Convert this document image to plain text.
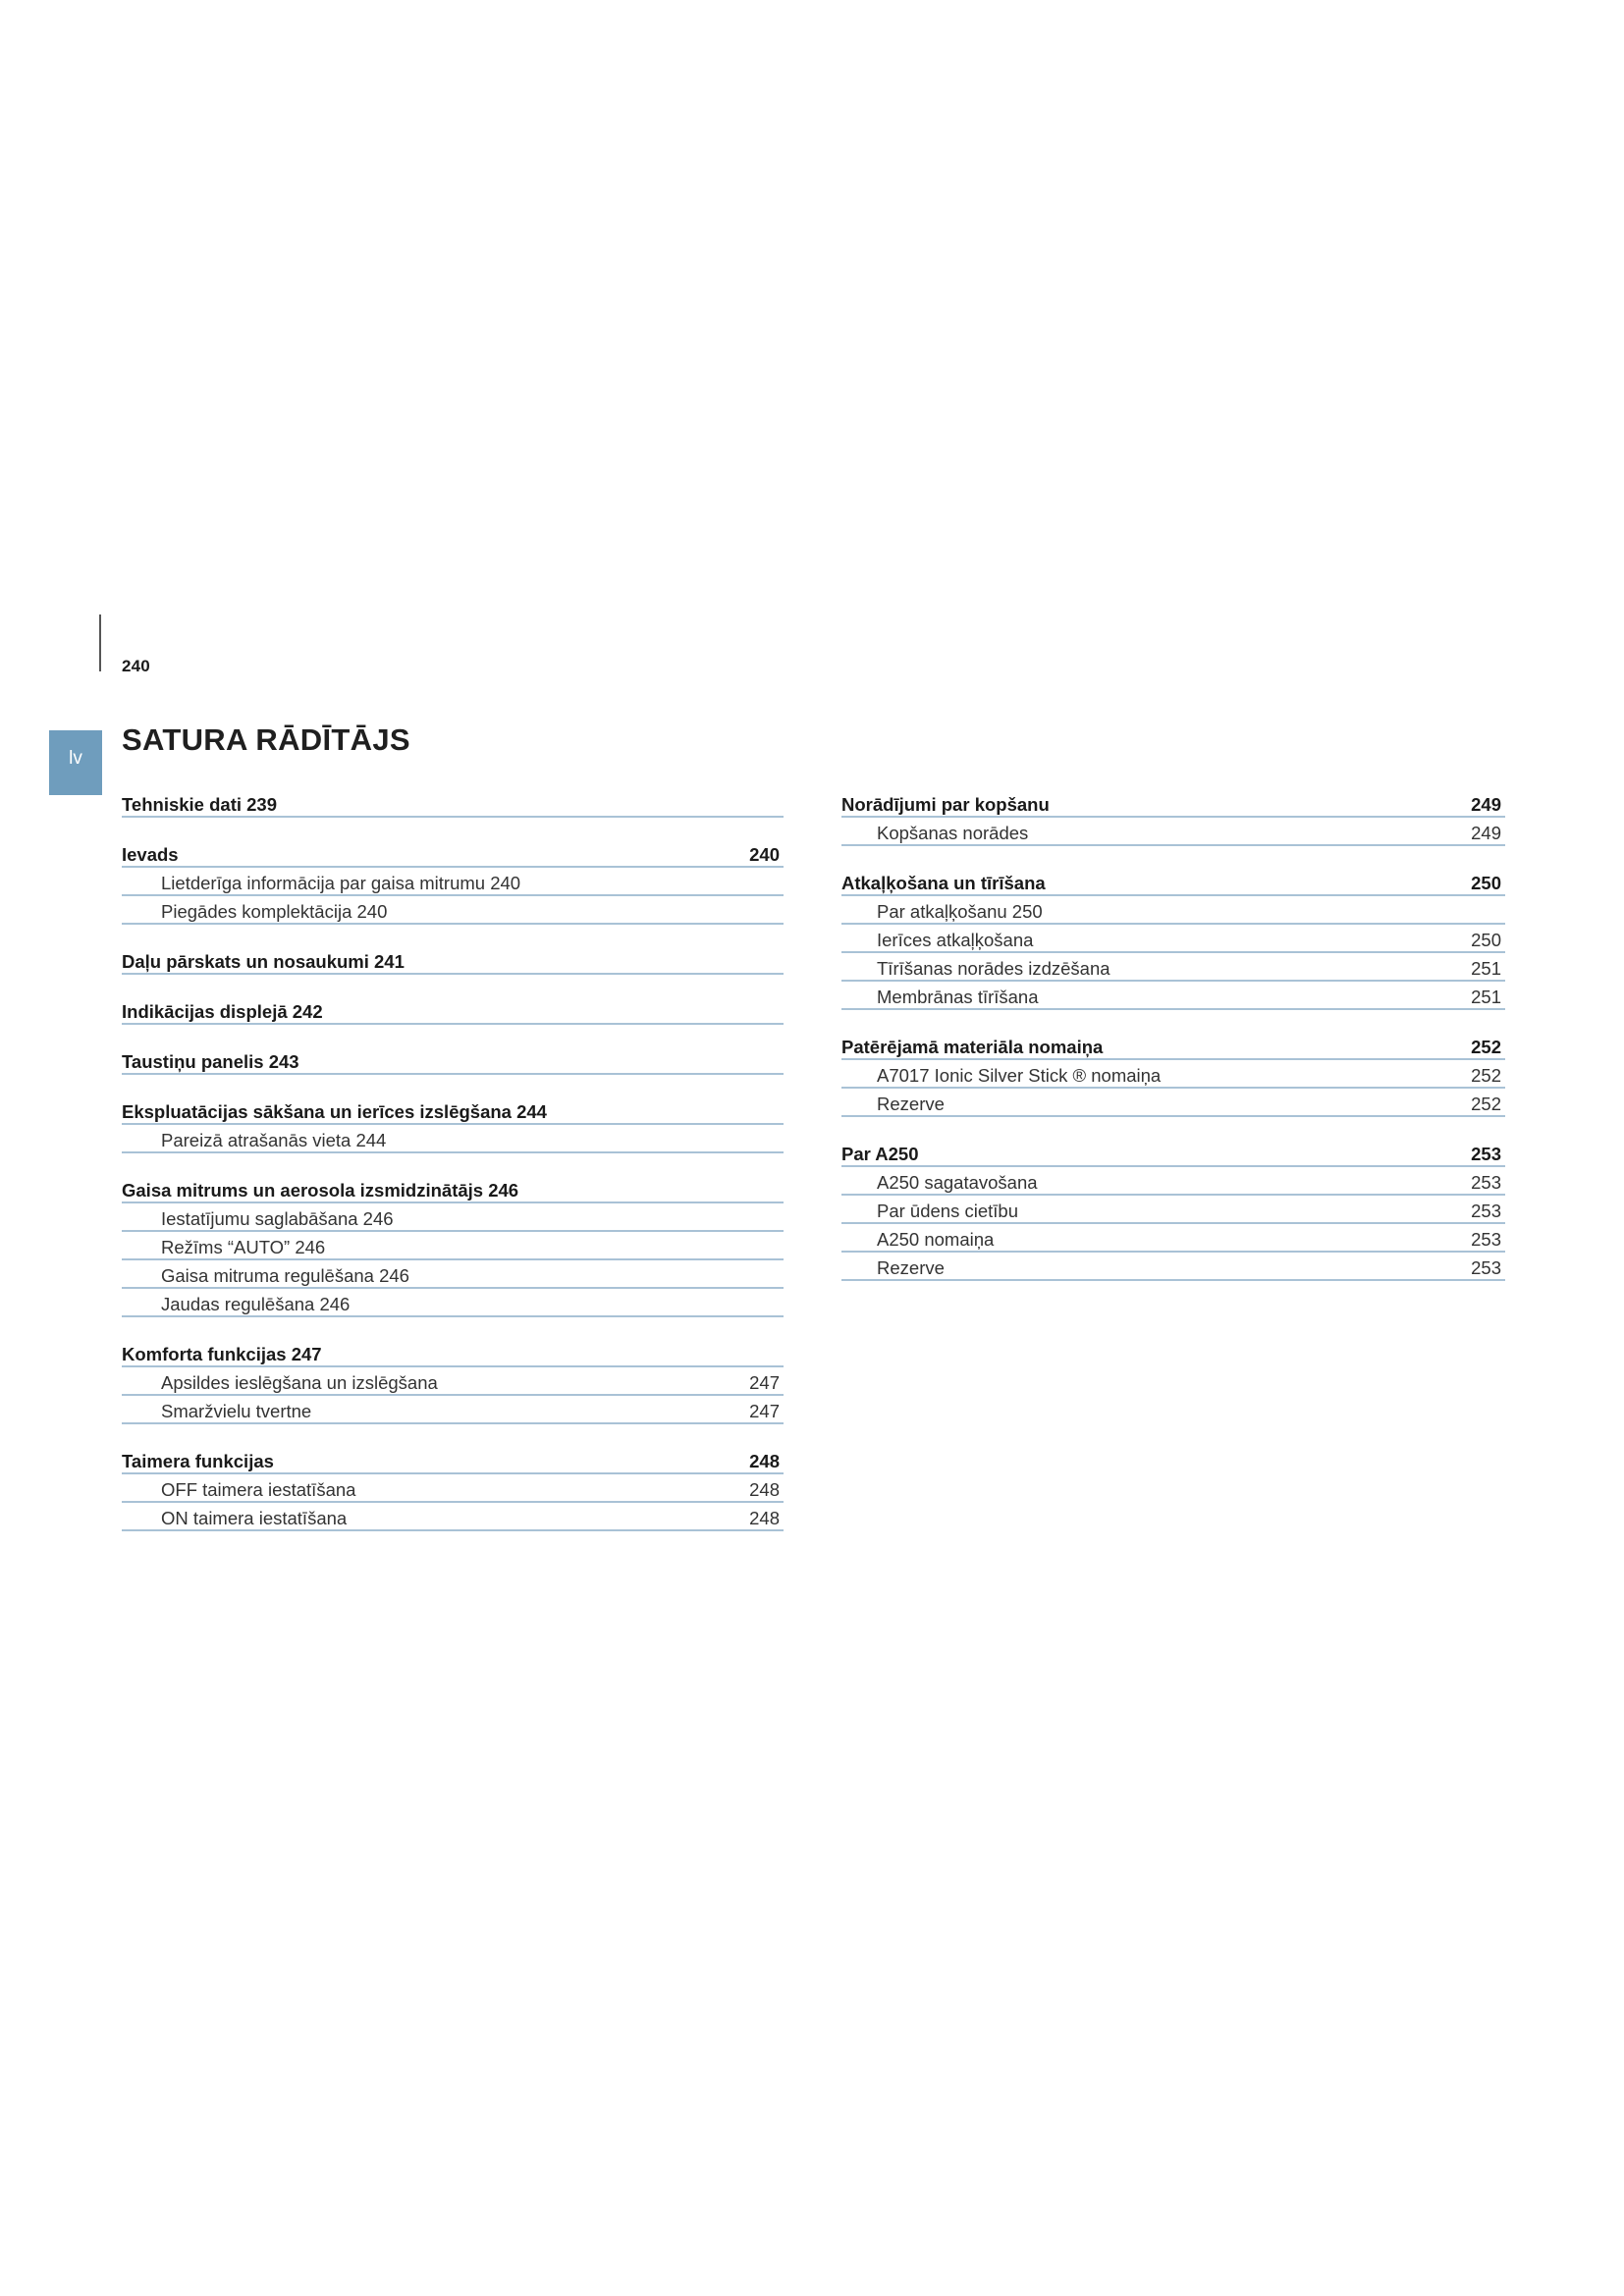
240
lv
SATURA RĀDĪTĀJS
Tehniskie dati 239
Ievads	240
Lietderīga informācija par gaisa mitrumu 240
Piegādes komplektācija 240
Daļu pārskats un nosaukumi 241
Indikācijas displejā 242
Taustiņu panelis 243
Ekspluatācijas sākšana un ierīces izslēgšana 244
Pareizā atrašanās vieta 244
Gaisa mitrums un aerosola izsmidzinātājs 246
Iestatījumu saglabāšana 246
Režīms “AUTO” 246
Gaisa mitruma regulēšana 246
Jaudas regulēšana 246
Komforta funkcijas 247
Apsildes ieslēgšana un izslēgšana	247
Smaržvielu tvertne	247
Taimera funkcijas	248
OFF taimera iestatīšana	248
ON taimera iestatīšana	248
Norādījumi par kopšanu	249
Kopšanas norādes	249
Atkaļķošana un tīrīšana	250
Par atkaļķošanu 250
Ierīces atkaļķošana	250
Tīrīšanas norādes izdzēšana	251
Membrānas tīrīšana	251
Patērējamā materiāla nomaiņa	252
A7017 Ionic Silver Stick ® nomaiņa	252
Rezerve	252
Par A250	253
A250 sagatavošana	253
Par ūdens cietību	253
A250 nomaiņa	253
Rezerve	253
